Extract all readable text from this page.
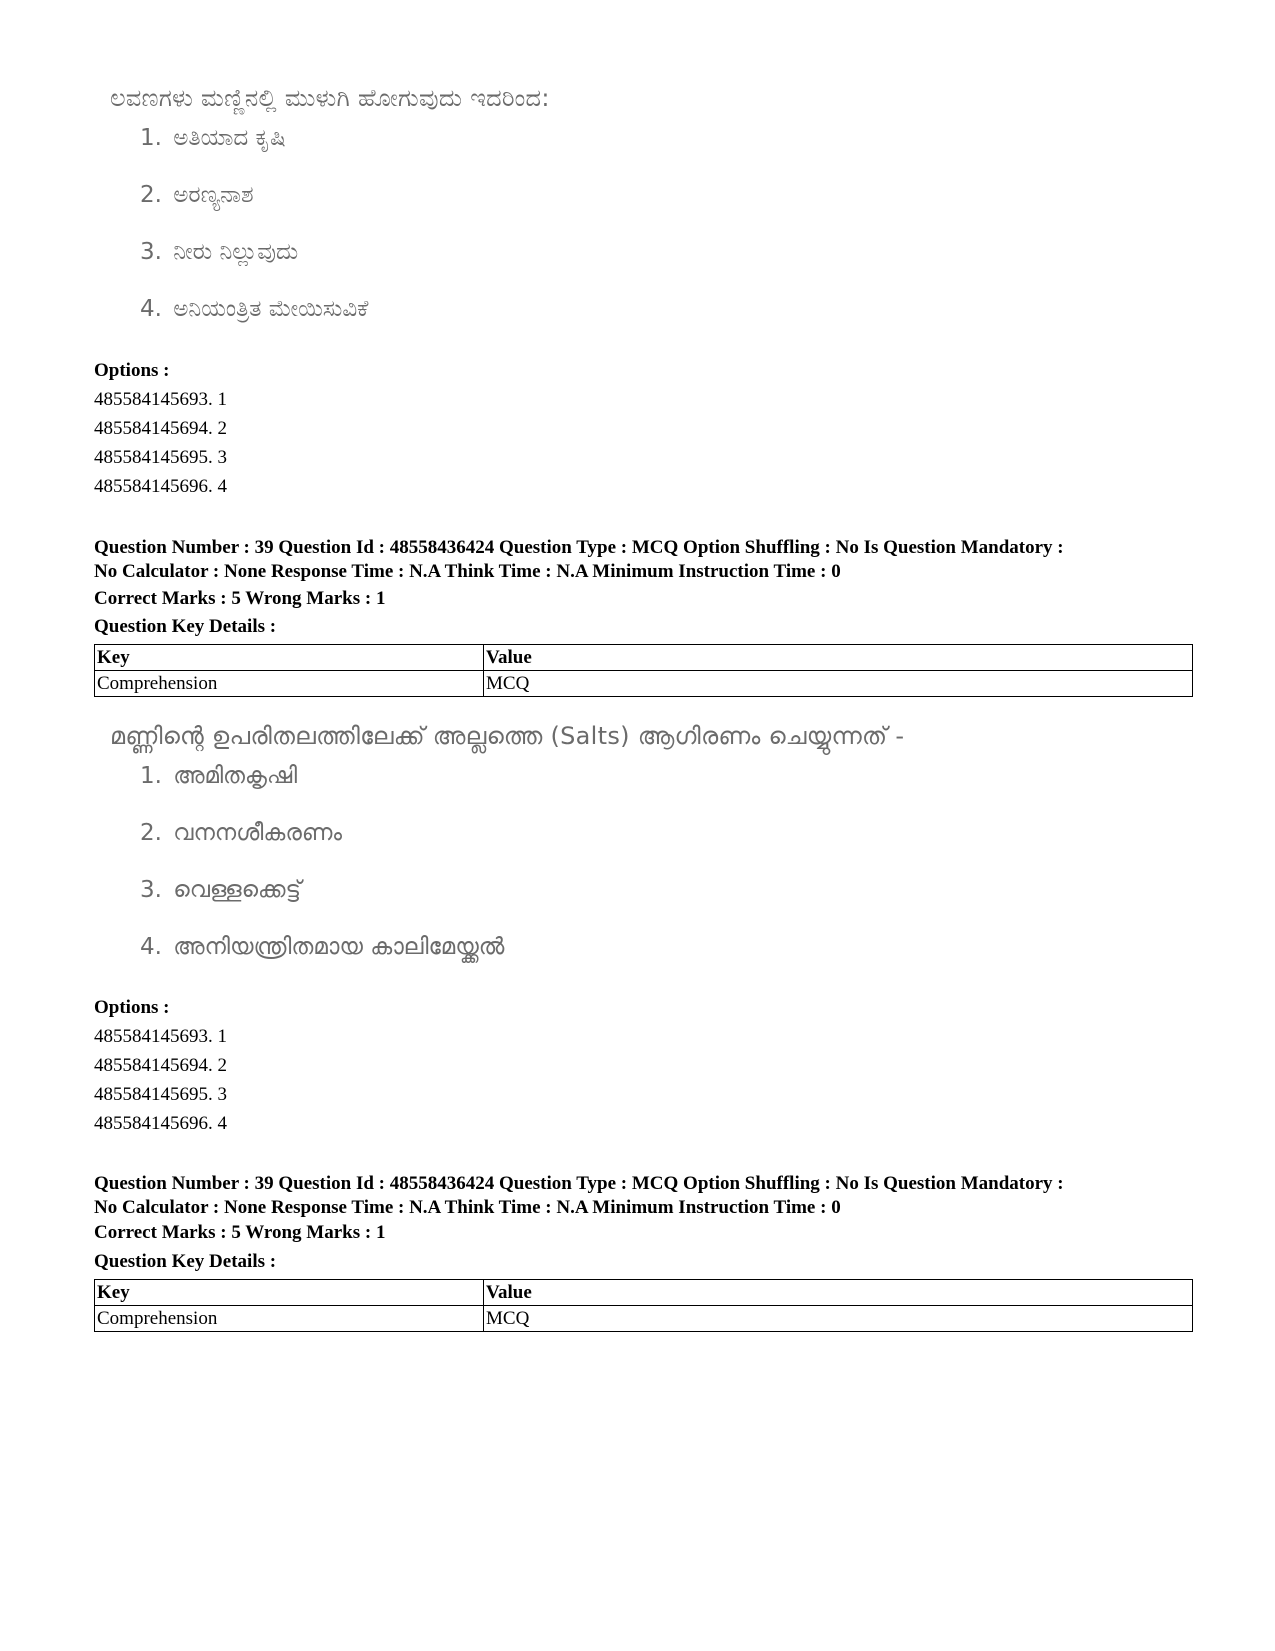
ಲವಣಗಳು ಮಣ್ಣಿನಲ್ಲಿ ಮುಳುಗಿ ಹೋಗುವುದು ಇದರಿಂದ:
1. ಅತಿಯಾದ ಕೃಷಿ
2. ಅರಣ್ಯನಾಶ
3. ನೀರು ನಿಲ್ಲುವುದು
4. ಅನಿಯಂತ್ರಿತ ಮೇಯಿಸುವಿಕೆ
Options :
485584145693. 1
485584145694. 2
485584145695. 3
485584145696. 4
Question Number : 39 Question Id : 48558436424 Question Type : MCQ Option Shuffling : No Is Question Mandatory :
No Calculator : None Response Time : N.A Think Time : N.A Minimum Instruction Time : 0
Correct Marks : 5 Wrong Marks : 1
Question Key Details :
Key	Value
Comprehension	MCQ
മണ്ണിന്റെ ഉപരിതലത്തിലേക്ക് അല്ലത്തെ (Salts) ആഗിരണം ചെയ്യുന്നത് -
1. അമിതകൃഷി
2. വനനശീകരണം
3. വെള്ളക്കെട്ട്
4. അനിയന്ത്രിതമായ കാലിമേയ്ക്കൽ
Options :
485584145693. 1
485584145694. 2
485584145695. 3
485584145696. 4
Question Number : 39 Question Id : 48558436424 Question Type : MCQ Option Shuffling : No Is Question Mandatory :
No Calculator : None Response Time : N.A Think Time : N.A Minimum Instruction Time : 0
Correct Marks : 5 Wrong Marks : 1
Question Key Details :
Key	Value
Comprehension	MCQ
